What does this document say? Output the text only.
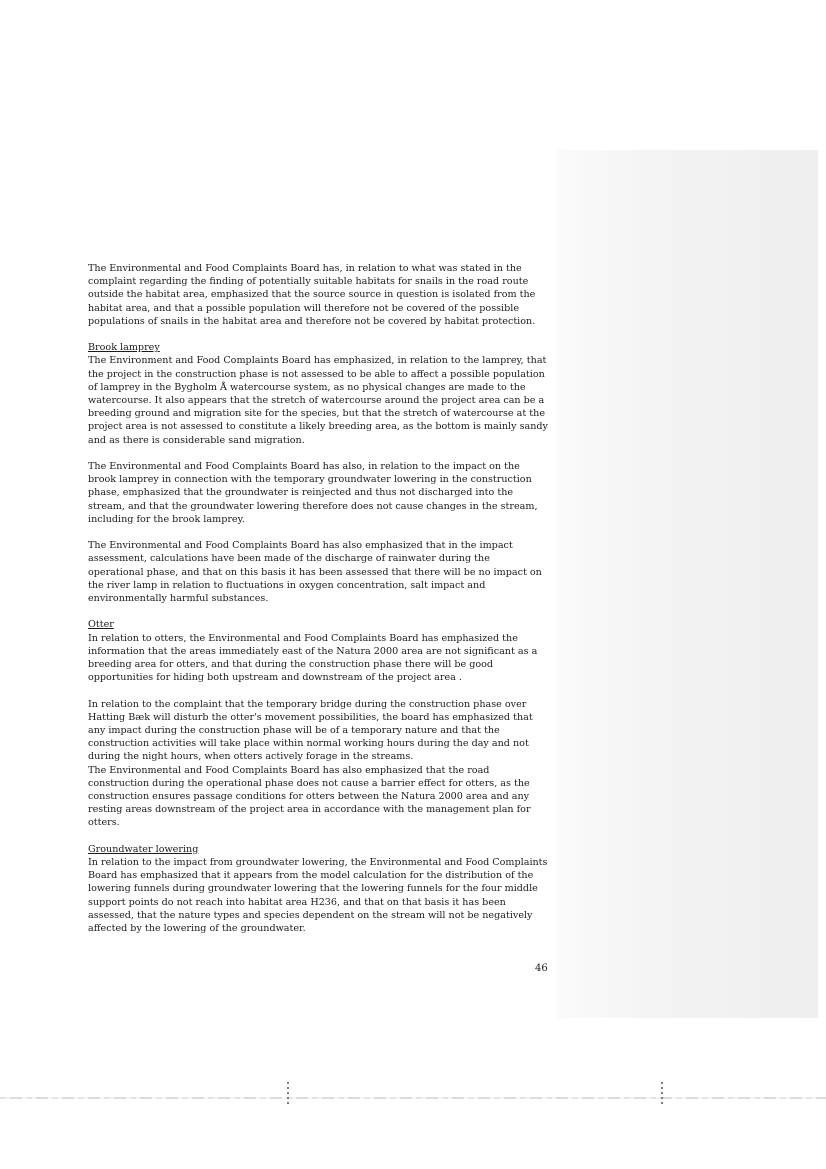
The Environmental and Food Complaints Board has, in relation to what was stated in the complaint regarding the finding of potentially suitable habitats for snails in the road route outside the habitat area, emphasized that the source source in question is isolated from the habitat area, and that a possible population will therefore not be covered of the possible populations of snails in the habitat area and therefore not be covered by habitat protection.

Brook lamprey

The Environment and Food Complaints Board has emphasized, in relation to the lamprey, that the project in the construction phase is not assessed to be able to affect a possible population of lamprey in the Bygholm Å watercourse system, as no physical changes are made to the watercourse. It also appears that the stretch of watercourse around the project area can be a breeding ground and migration site for the species, but that the stretch of watercourse at the project area is not assessed to constitute a likely breeding area, as the bottom is mainly sandy and as there is considerable sand migration.

The Environmental and Food Complaints Board has also, in relation to the impact on the brook lamprey in connection with the temporary groundwater lowering in the construction phase, emphasized that the groundwater is reinjected and thus not discharged into the stream, and that the groundwater lowering therefore does not cause changes in the stream, including for the brook lamprey.

The Environmental and Food Complaints Board has also emphasized that in the impact assessment, calculations have been made of the discharge of rainwater during the operational phase, and that on this basis it has been assessed that there will be no impact on the river lamp in relation to fluctuations in oxygen concentration, salt impact and environmentally harmful substances.

Otter

In relation to otters, the Environmental and Food Complaints Board has emphasized the information that the areas immediately east of the Natura 2000 area are not significant as a breeding area for otters, and that during the construction phase there will be good opportunities for hiding both upstream and downstream of the project area .

In relation to the complaint that the temporary bridge during the construction phase over Hatting Bæk will disturb the otter's movement possibilities, the board has emphasized that any impact during the construction phase will be of a temporary nature and that the construction activities will take place within normal working hours during the day and not during the night hours, when otters actively forage in the streams.

The Environmental and Food Complaints Board has also emphasized that the road construction during the operational phase does not cause a barrier effect for otters, as the construction ensures passage conditions for otters between the Natura 2000 area and any resting areas downstream of the project area in accordance with the management plan for otters.

Groundwater lowering

In relation to the impact from groundwater lowering, the Environmental and Food Complaints Board has emphasized that it appears from the model calculation for the distribution of the lowering funnels during groundwater lowering that the lowering funnels for the four middle support points do not reach into habitat area H236, and that on that basis it has been assessed, that the nature types and species dependent on the stream will not be negatively affected by the lowering of the groundwater.

46
